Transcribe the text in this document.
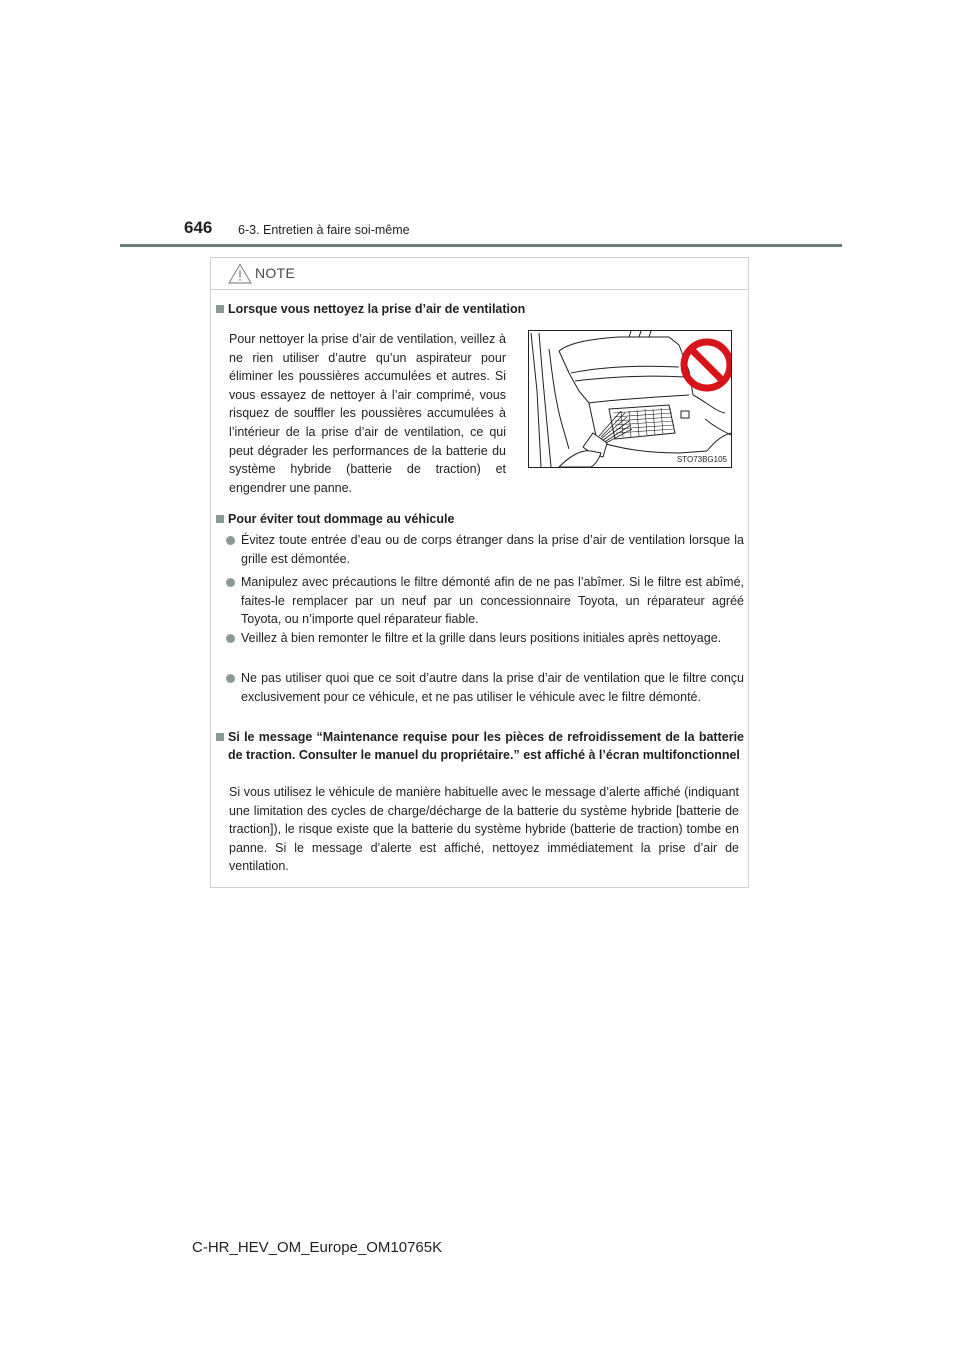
646 6-3. Entretien à faire soi-même
NOTE
Lorsque vous nettoyez la prise d’air de ventilation
Pour nettoyer la prise d’air de ventilation, veillez à ne rien utiliser d’autre qu’un aspirateur pour éliminer les poussières accumulées et autres. Si vous essayez de nettoyer à l’air comprimé, vous risquez de souffler les poussières accumulées à l’intérieur de la prise d’air de ventilation, ce qui peut dégrader les performances de la batterie du système hybride (batterie de traction) et engendrer une panne.
STO73BG105
Pour éviter tout dommage au véhicule
Évitez toute entrée d’eau ou de corps étranger dans la prise d’air de ventilation lorsque la grille est démontée.
Manipulez avec précautions le filtre démonté afin de ne pas l’abîmer. Si le filtre est abîmé, faites-le remplacer par un neuf par un concessionnaire Toyota, un réparateur agréé Toyota, ou n’importe quel réparateur fiable.
Veillez à bien remonter le filtre et la grille dans leurs positions initiales après nettoyage.
Ne pas utiliser quoi que ce soit d’autre dans la prise d’air de ventilation que le filtre conçu exclusivement pour ce véhicule, et ne pas utiliser le véhicule avec le filtre démonté.
Si le message “Maintenance requise pour les pièces de refroidissement de la batterie de traction. Consulter le manuel du propriétaire.” est affiché à l’écran multifonctionnel
Si vous utilisez le véhicule de manière habituelle avec le message d’alerte affiché (indiquant une limitation des cycles de charge/décharge de la batterie du système hybride [batterie de traction]), le risque existe que la batterie du système hybride (batterie de traction) tombe en panne. Si le message d’alerte est affiché, nettoyez immédiatement la prise d’air de ventilation.
C-HR_HEV_OM_Europe_OM10765K
